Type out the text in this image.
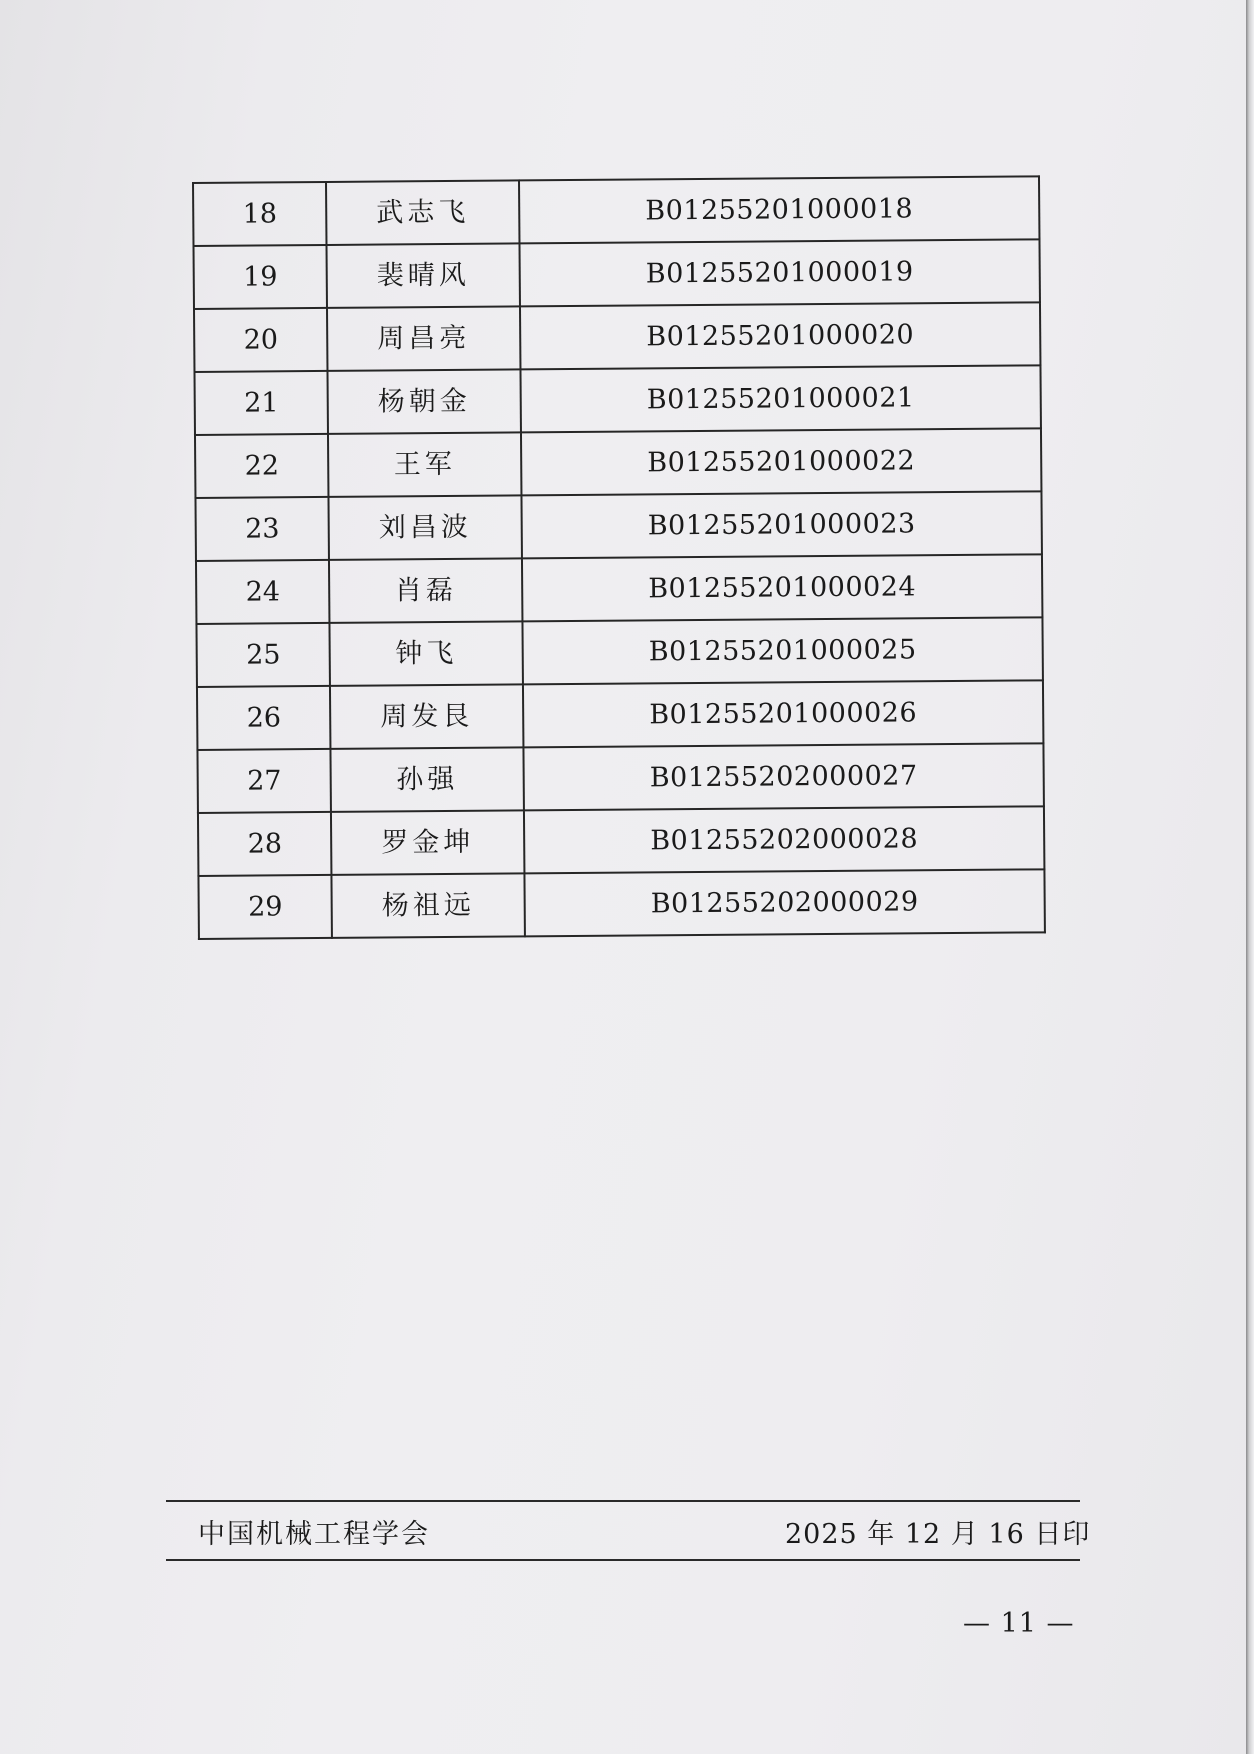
18	武志飞	B01255201000018
19	裴晴风	B01255201000019
20	周昌亮	B01255201000020
21	杨朝金	B01255201000021
22	王军	B01255201000022
23	刘昌波	B01255201000023
24	肖磊	B01255201000024
25	钟飞	B01255201000025
26	周发艮	B01255201000026
27	孙强	B01255202000027
28	罗金坤	B01255202000028
29	杨祖远	B01255202000029
中国机械工程学会	2025 年 12 月 16 日印
— 11 —
